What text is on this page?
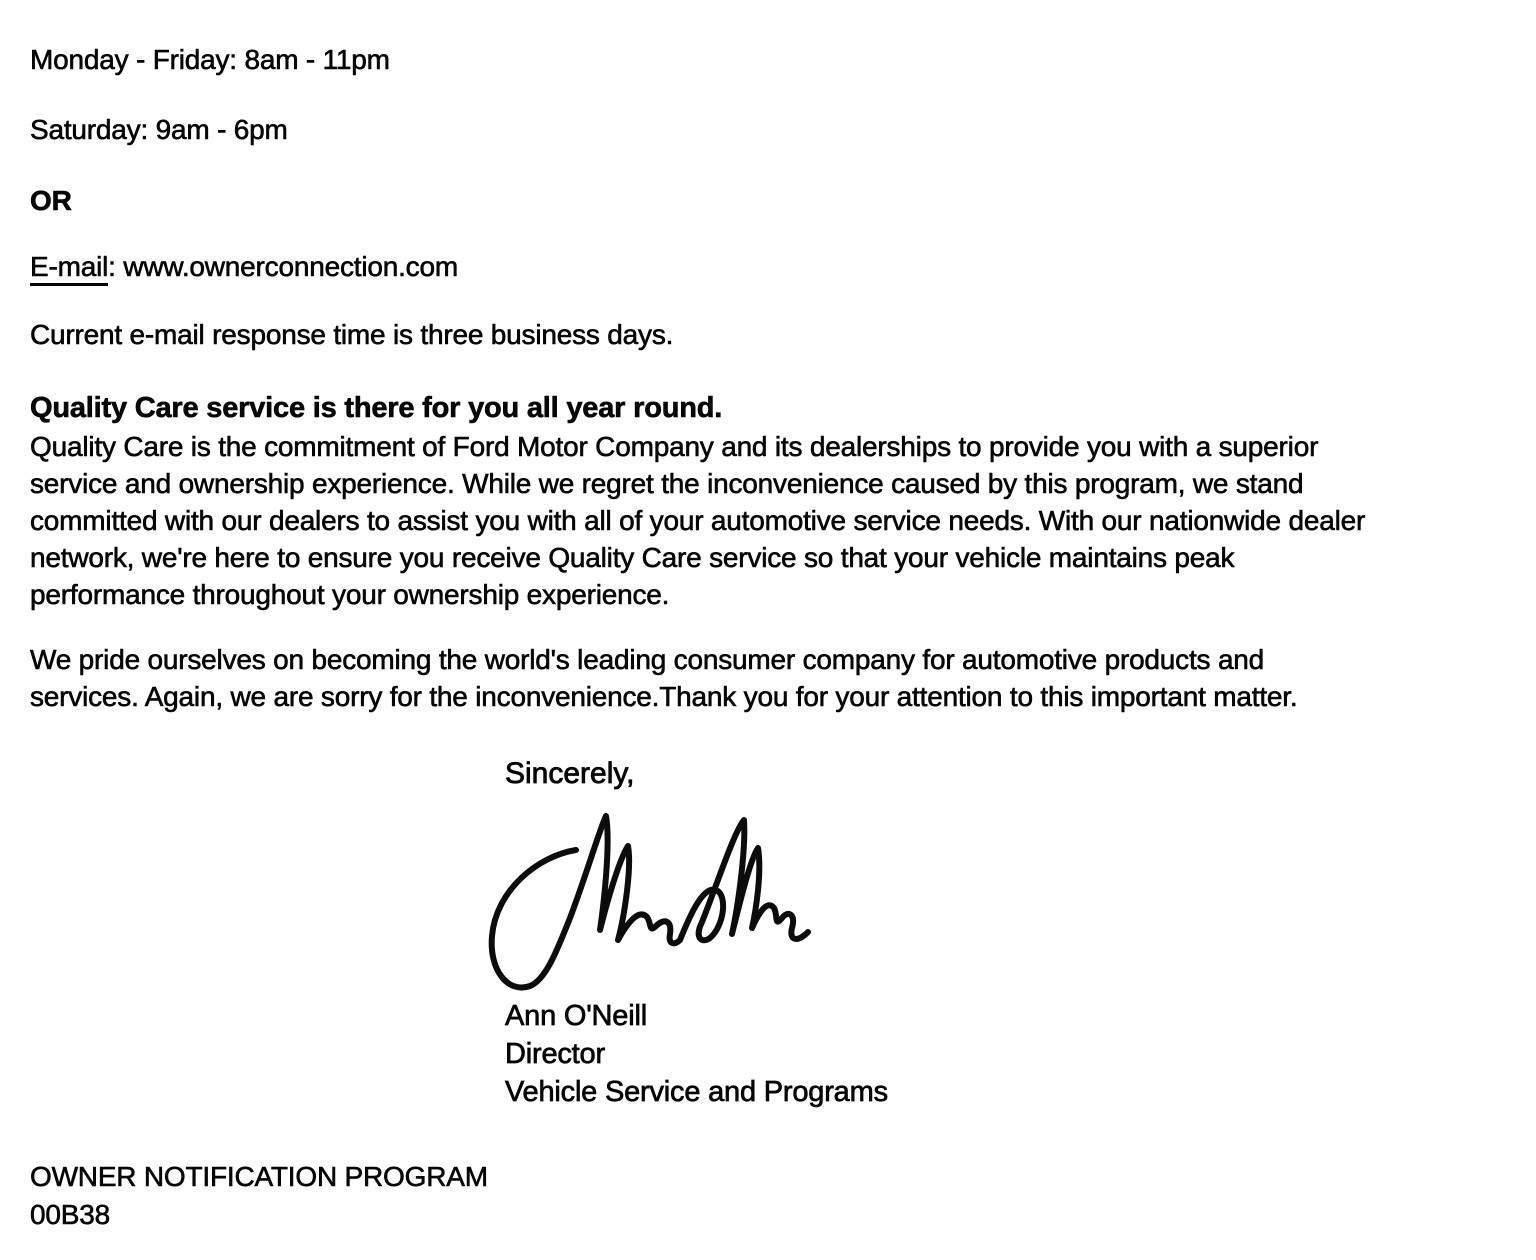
Monday - Friday: 8am - 11pm
Saturday: 9am - 6pm
OR
E-mail: www.ownerconnection.com
Current e-mail response time is three business days.
Quality Care service is there for you all year round.
Quality Care is the commitment of Ford Motor Company and its dealerships to provide you with a superior
service and ownership experience. While we regret the inconvenience caused by this program, we stand
committed with our dealers to assist you with all of your automotive service needs. With our nationwide dealer
network, we're here to ensure you receive Quality Care service so that your vehicle maintains peak
performance throughout your ownership experience.
We pride ourselves on becoming the world's leading consumer company for automotive products and
services. Again, we are sorry for the inconvenience.Thank you for your attention to this important matter.
Sincerely,
Ann O'Neill
Director
Vehicle Service and Programs
OWNER NOTIFICATION PROGRAM
00B38
